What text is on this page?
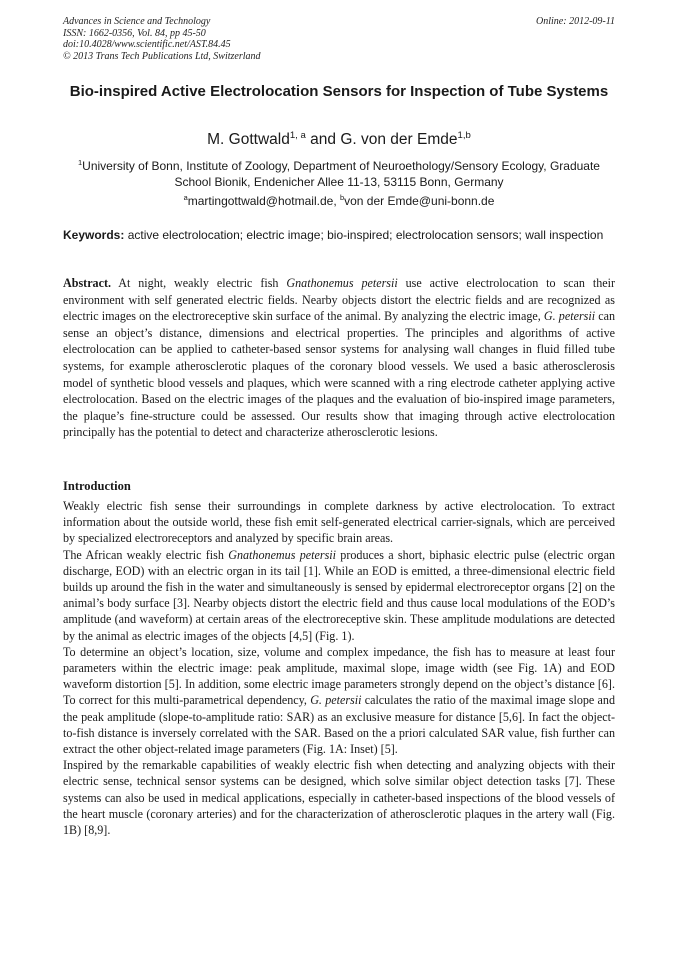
Advances in Science and Technology
ISSN: 1662-0356, Vol. 84, pp 45-50
doi:10.4028/www.scientific.net/AST.84.45
© 2013 Trans Tech Publications Ltd, Switzerland
Online: 2012-09-11
Bio-inspired Active Electrolocation Sensors for Inspection of Tube Systems
M. Gottwald$^{1, a}$ and G. von der Emde$^{1,b}$
$^1$University of Bonn, Institute of Zoology, Department of Neuroethology/Sensory Ecology, Graduate School Bionik, Endenicher Allee 11-13, 53115 Bonn, Germany
$^a$martingottwald@hotmail.de, $^b$von der Emde@uni-bonn.de
Keywords: active electrolocation; electric image; bio-inspired; electrolocation sensors; wall inspection
Abstract. At night, weakly electric fish Gnathonemus petersii use active electrolocation to scan their environment with self generated electric fields. Nearby objects distort the electric fields and are recognized as electric images on the electroreceptive skin surface of the animal. By analyzing the electric image, G. petersii can sense an object’s distance, dimensions and electrical properties. The principles and algorithms of active electrolocation can be applied to catheter-based sensor systems for analysing wall changes in fluid filled tube systems, for example atherosclerotic plaques of the coronary blood vessels. We used a basic atherosclerosis model of synthetic blood vessels and plaques, which were scanned with a ring electrode catheter applying active electrolocation. Based on the electric images of the plaques and the evaluation of bio-inspired image parameters, the plaque’s fine-structure could be assessed. Our results show that imaging through active electrolocation principally has the potential to detect and characterize atherosclerotic lesions.
Introduction

Weakly electric fish sense their surroundings in complete darkness by active electrolocation. To extract information about the outside world, these fish emit self-generated electrical carrier-signals, which are perceived by specialized electroreceptors and analyzed by specific brain areas.

The African weakly electric fish Gnathonemus petersii produces a short, biphasic electric pulse (electric organ discharge, EOD) with an electric organ in its tail [1]. While an EOD is emitted, a three-dimensional electric field builds up around the fish in the water and simultaneously is sensed by epidermal electroreceptor organs [2] on the animal’s body surface [3]. Nearby objects distort the electric field and thus cause local modulations of the EOD’s amplitude (and waveform) at certain areas of the electroreceptive skin. These amplitude modulations are detected by the animal as electric images of the objects [4,5] (Fig. 1).

To determine an object’s location, size, volume and complex impedance, the fish has to measure at least four parameters within the electric image: peak amplitude, maximal slope, image width (see Fig. 1A) and EOD waveform distortion [5]. In addition, some electric image parameters strongly depend on the object’s distance [6]. To correct for this multi-parametrical dependency, G. petersii calculates the ratio of the maximal image slope and the peak amplitude (slope-to-amplitude ratio: SAR) as an exclusive measure for distance [5,6]. In fact the object-to-fish distance is inversely correlated with the SAR. Based on the a priori calculated SAR value, fish further can extract the other object-related image parameters (Fig. 1A: Inset) [5].

Inspired by the remarkable capabilities of weakly electric fish when detecting and analyzing objects with their electric sense, technical sensor systems can be designed, which solve similar object detection tasks [7]. These systems can also be used in medical applications, especially in catheter-based inspections of the blood vessels of the heart muscle (coronary arteries) and for the characterization of atherosclerotic plaques in the artery wall (Fig. 1B) [8,9].
